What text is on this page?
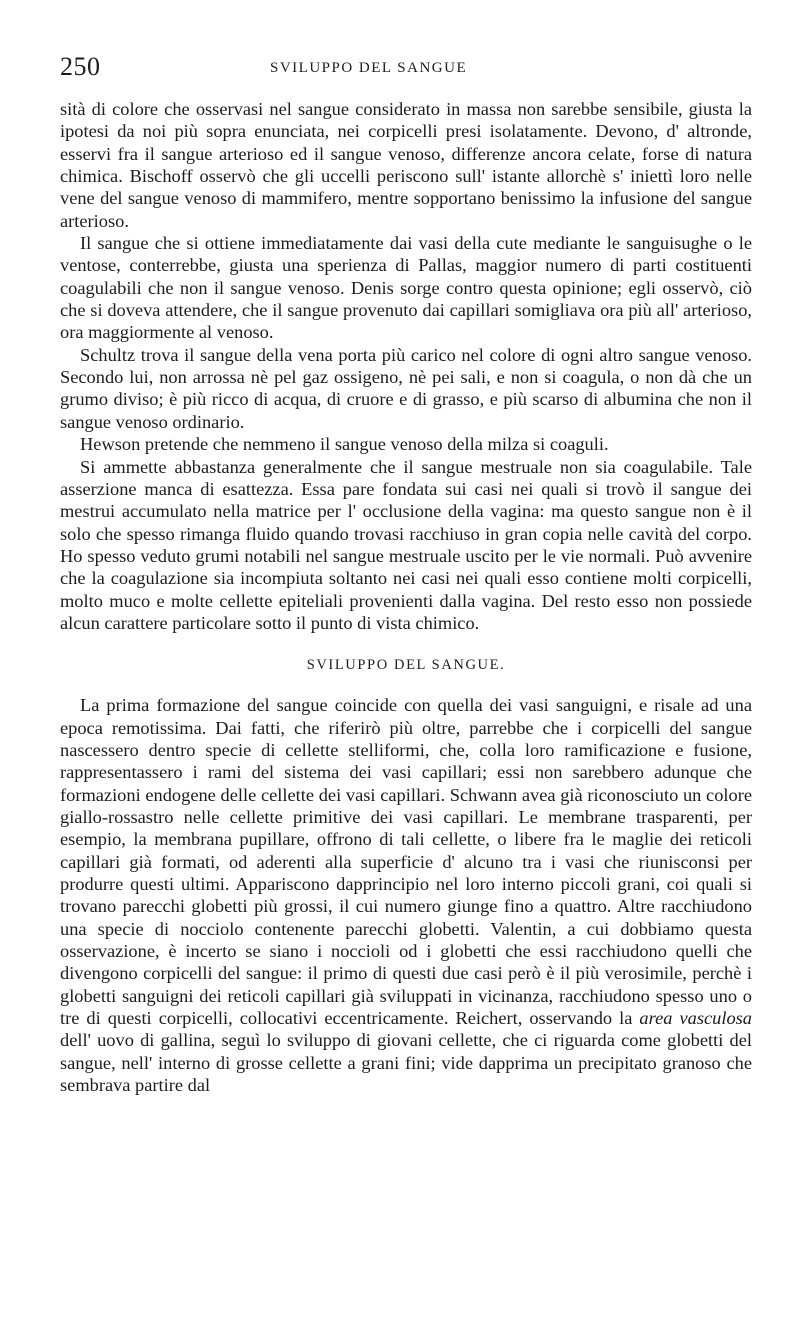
250	SVILUPPO DEL SANGUE

sità di colore che osservasi nel sangue considerato in massa non sarebbe sensibile, giusta la ipotesi da noi più sopra enunciata, nei corpicelli presi isolatamente. Devono, d' altronde, esservi fra il sangue arterioso ed il sangue venoso, differenze ancora celate, forse di natura chimica. Bischoff osservò che gli uccelli periscono sull' istante allorchè s' iniettì loro nelle vene del sangue venoso di mammifero, mentre sopportano benissimo la infusione del sangue arterioso.

Il sangue che si ottiene immediatamente dai vasi della cute mediante le sanguisughe o le ventose, conterrebbe, giusta una sperienza di Pallas, maggior numero di parti costituenti coagulabili che non il sangue venoso. Denis sorge contro questa opinione; egli osservò, ciò che si doveva attendere, che il sangue provenuto dai capillari somigliava ora più all' arterioso, ora maggiormente al venoso.

Schultz trova il sangue della vena porta più carico nel colore di ogni altro sangue venoso. Secondo lui, non arrossa nè pel gaz ossigeno, nè pei sali, e non si coagula, o non dà che un grumo diviso; è più ricco di acqua, di cruore e di grasso, e più scarso di albumina che non il sangue venoso ordinario.

Hewson pretende che nemmeno il sangue venoso della milza si coaguli.

Si ammette abbastanza generalmente che il sangue mestruale non sia coagulabile. Tale asserzione manca di esattezza. Essa pare fondata sui casi nei quali si trovò il sangue dei mestrui accumulato nella matrice per l' occlusione della vagina: ma questo sangue non è il solo che spesso rimanga fluido quando trovasi racchiuso in gran copia nelle cavità del corpo. Ho spesso veduto grumi notabili nel sangue mestruale uscito per le vie normali. Può avvenire che la coagulazione sia incompiuta soltanto nei casi nei quali esso contiene molti corpicelli, molto muco e molte cellette epiteliali provenienti dalla vagina. Del resto esso non possiede alcun carattere particolare sotto il punto di vista chimico.

SVILUPPO DEL SANGUE.

La prima formazione del sangue coincide con quella dei vasi sanguigni, e risale ad una epoca remotissima. Dai fatti, che riferirò più oltre, parrebbe che i corpicelli del sangue nascessero dentro specie di cellette stelliformi, che, colla loro ramificazione e fusione, rappresentassero i rami del sistema dei vasi capillari; essi non sarebbero adunque che formazioni endogene delle cellette dei vasi capillari. Schwann avea già riconosciuto un colore giallo-rossastro nelle cellette primitive dei vasi capillari. Le membrane trasparenti, per esempio, la membrana pupillare, offrono di tali cellette, o libere fra le maglie dei reticoli capillari già formati, od aderenti alla superficie d' alcuno tra i vasi che riunisconsi per produrre questi ultimi. Appariscono dapprincipio nel loro interno piccoli grani, coi quali si trovano parecchi globetti più grossi, il cui numero giunge fino a quattro. Altre racchiudono una specie di nocciolo contenente parecchi globetti. Valentin, a cui dobbiamo questa osservazione, è incerto se siano i noccioli od i globetti che essi racchiudono quelli che divengono corpicelli del sangue: il primo di questi due casi però è il più verosimile, perchè i globetti sanguigni dei reticoli capillari già sviluppati in vicinanza, racchiudono spesso uno o tre di questi corpicelli, collocativi eccentricamente. Reichert, osservando la area vasculosa dell' uovo di gallina, seguì lo sviluppo di giovani cellette, che ci riguarda come globetti del sangue, nell' interno di grosse cellette a grani fini; vide dapprima un precipitato granoso che sembrava partire dal
